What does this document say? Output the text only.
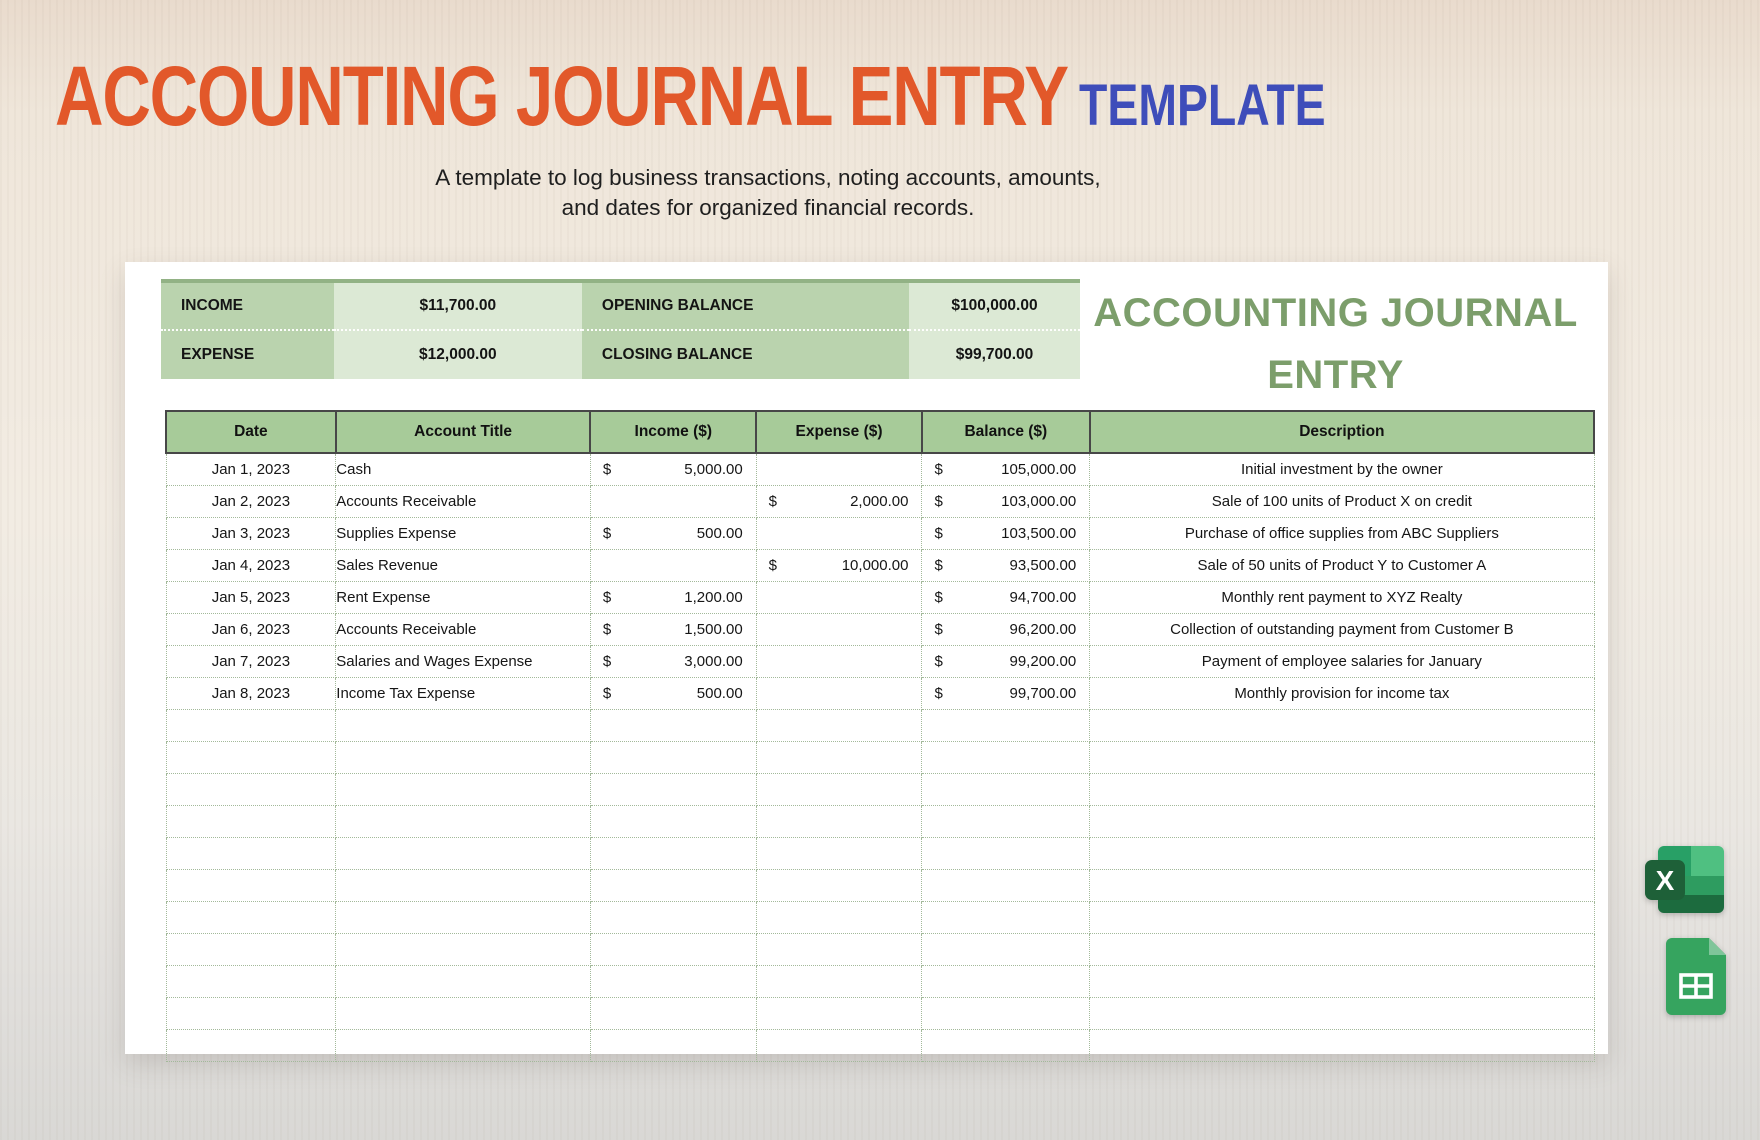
ACCOUNTING JOURNAL ENTRY TEMPLATE

A template to log business transactions, noting accounts, amounts,
and dates for organized financial records.

INCOME	$11,700.00	OPENING BALANCE	$100,000.00
EXPENSE	$12,000.00	CLOSING BALANCE	$99,700.00
ACCOUNTING JOURNAL
ENTRY
Date	Account Title	Income ($)	Expense ($)	Balance ($)	Description
Jan 1, 2023	Cash	$ 5,000.00		$ 105,000.00	Initial investment by the owner
Jan 2, 2023	Accounts Receivable		$ 2,000.00	$ 103,000.00	Sale of 100 units of Product X on credit
Jan 3, 2023	Supplies Expense	$ 500.00		$ 103,500.00	Purchase of office supplies from ABC Suppliers
Jan 4, 2023	Sales Revenue		$ 10,000.00	$ 93,500.00	Sale of 50 units of Product Y to Customer A
Jan 5, 2023	Rent Expense	$ 1,200.00		$ 94,700.00	Monthly rent payment to XYZ Realty
Jan 6, 2023	Accounts Receivable	$ 1,500.00		$ 96,200.00	Collection of outstanding payment from Customer B
Jan 7, 2023	Salaries and Wages Expense	$ 3,000.00		$ 99,200.00	Payment of employee salaries for January
Jan 8, 2023	Income Tax Expense	$ 500.00		$ 99,700.00	Monthly provision for income tax

X
